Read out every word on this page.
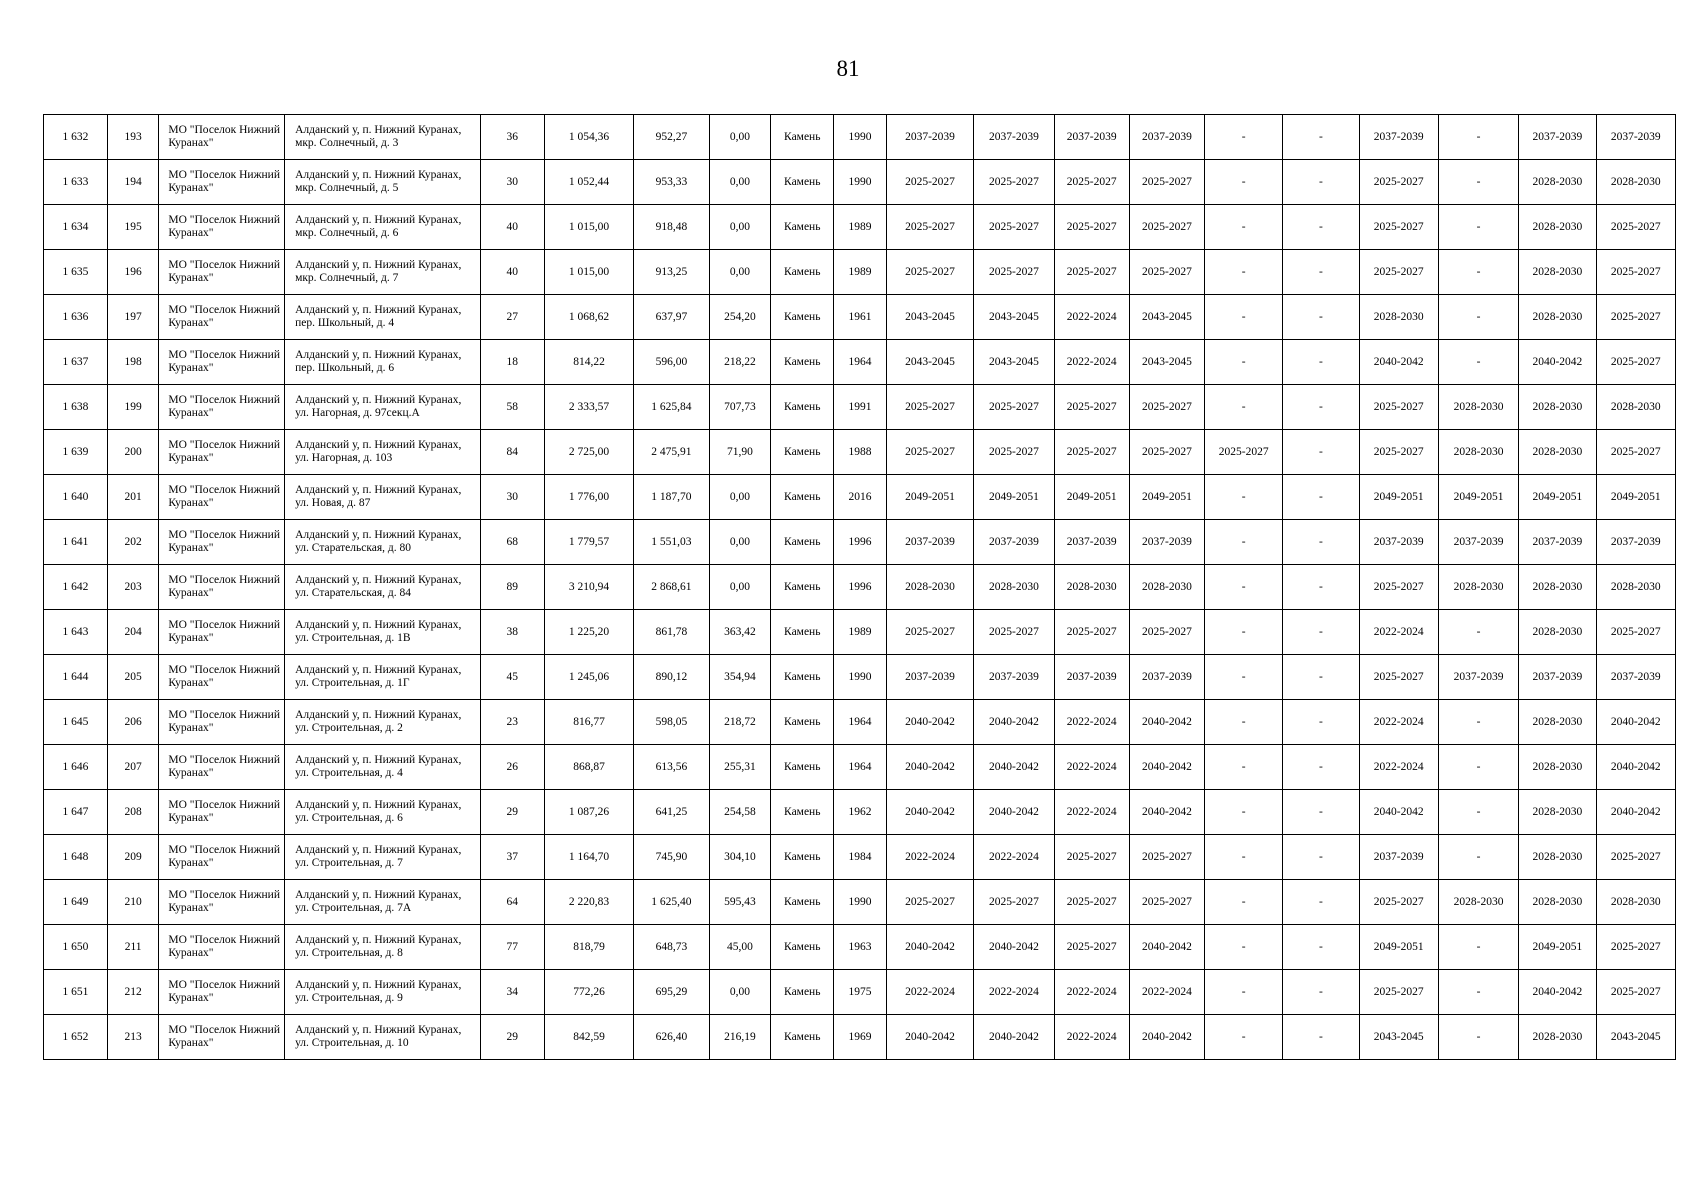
81
1 632	193	МО "Поселок Нижний Куранах"	Алданский у, п. Нижний Куранах, мкр. Солнечный, д. 3	36	1 054,36	952,27	0,00	Камень	1990	2037-2039	2037-2039	2037-2039	2037-2039	-	-	2037-2039	-	2037-2039	2037-2039
1 633	194	МО "Поселок Нижний Куранах"	Алданский у, п. Нижний Куранах, мкр. Солнечный, д. 5	30	1 052,44	953,33	0,00	Камень	1990	2025-2027	2025-2027	2025-2027	2025-2027	-	-	2025-2027	-	2028-2030	2028-2030
1 634	195	МО "Поселок Нижний Куранах"	Алданский у, п. Нижний Куранах, мкр. Солнечный, д. 6	40	1 015,00	918,48	0,00	Камень	1989	2025-2027	2025-2027	2025-2027	2025-2027	-	-	2025-2027	-	2028-2030	2025-2027
1 635	196	МО "Поселок Нижний Куранах"	Алданский у, п. Нижний Куранах, мкр. Солнечный, д. 7	40	1 015,00	913,25	0,00	Камень	1989	2025-2027	2025-2027	2025-2027	2025-2027	-	-	2025-2027	-	2028-2030	2025-2027
1 636	197	МО "Поселок Нижний Куранах"	Алданский у, п. Нижний Куранах, пер. Школьный, д. 4	27	1 068,62	637,97	254,20	Камень	1961	2043-2045	2043-2045	2022-2024	2043-2045	-	-	2028-2030	-	2028-2030	2025-2027
1 637	198	МО "Поселок Нижний Куранах"	Алданский у, п. Нижний Куранах, пер. Школьный, д. 6	18	814,22	596,00	218,22	Камень	1964	2043-2045	2043-2045	2022-2024	2043-2045	-	-	2040-2042	-	2040-2042	2025-2027
1 638	199	МО "Поселок Нижний Куранах"	Алданский у, п. Нижний Куранах, ул. Нагорная, д. 97секц.А	58	2 333,57	1 625,84	707,73	Камень	1991	2025-2027	2025-2027	2025-2027	2025-2027	-	-	2025-2027	2028-2030	2028-2030	2028-2030
1 639	200	МО "Поселок Нижний Куранах"	Алданский у, п. Нижний Куранах, ул. Нагорная, д. 103	84	2 725,00	2 475,91	71,90	Камень	1988	2025-2027	2025-2027	2025-2027	2025-2027	2025-2027	-	2025-2027	2028-2030	2028-2030	2025-2027
1 640	201	МО "Поселок Нижний Куранах"	Алданский у, п. Нижний Куранах, ул. Новая, д. 87	30	1 776,00	1 187,70	0,00	Камень	2016	2049-2051	2049-2051	2049-2051	2049-2051	-	-	2049-2051	2049-2051	2049-2051	2049-2051
1 641	202	МО "Поселок Нижний Куранах"	Алданский у, п. Нижний Куранах, ул. Старательская, д. 80	68	1 779,57	1 551,03	0,00	Камень	1996	2037-2039	2037-2039	2037-2039	2037-2039	-	-	2037-2039	2037-2039	2037-2039	2037-2039
1 642	203	МО "Поселок Нижний Куранах"	Алданский у, п. Нижний Куранах, ул. Старательская, д. 84	89	3 210,94	2 868,61	0,00	Камень	1996	2028-2030	2028-2030	2028-2030	2028-2030	-	-	2025-2027	2028-2030	2028-2030	2028-2030
1 643	204	МО "Поселок Нижний Куранах"	Алданский у, п. Нижний Куранах, ул. Строительная, д. 1В	38	1 225,20	861,78	363,42	Камень	1989	2025-2027	2025-2027	2025-2027	2025-2027	-	-	2022-2024	-	2028-2030	2025-2027
1 644	205	МО "Поселок Нижний Куранах"	Алданский у, п. Нижний Куранах, ул. Строительная, д. 1Г	45	1 245,06	890,12	354,94	Камень	1990	2037-2039	2037-2039	2037-2039	2037-2039	-	-	2025-2027	2037-2039	2037-2039	2037-2039
1 645	206	МО "Поселок Нижний Куранах"	Алданский у, п. Нижний Куранах, ул. Строительная, д. 2	23	816,77	598,05	218,72	Камень	1964	2040-2042	2040-2042	2022-2024	2040-2042	-	-	2022-2024	-	2028-2030	2040-2042
1 646	207	МО "Поселок Нижний Куранах"	Алданский у, п. Нижний Куранах, ул. Строительная, д. 4	26	868,87	613,56	255,31	Камень	1964	2040-2042	2040-2042	2022-2024	2040-2042	-	-	2022-2024	-	2028-2030	2040-2042
1 647	208	МО "Поселок Нижний Куранах"	Алданский у, п. Нижний Куранах, ул. Строительная, д. 6	29	1 087,26	641,25	254,58	Камень	1962	2040-2042	2040-2042	2022-2024	2040-2042	-	-	2040-2042	-	2028-2030	2040-2042
1 648	209	МО "Поселок Нижний Куранах"	Алданский у, п. Нижний Куранах, ул. Строительная, д. 7	37	1 164,70	745,90	304,10	Камень	1984	2022-2024	2022-2024	2025-2027	2025-2027	-	-	2037-2039	-	2028-2030	2025-2027
1 649	210	МО "Поселок Нижний Куранах"	Алданский у, п. Нижний Куранах, ул. Строительная, д. 7А	64	2 220,83	1 625,40	595,43	Камень	1990	2025-2027	2025-2027	2025-2027	2025-2027	-	-	2025-2027	2028-2030	2028-2030	2028-2030
1 650	211	МО "Поселок Нижний Куранах"	Алданский у, п. Нижний Куранах, ул. Строительная, д. 8	77	818,79	648,73	45,00	Камень	1963	2040-2042	2040-2042	2025-2027	2040-2042	-	-	2049-2051	-	2049-2051	2025-2027
1 651	212	МО "Поселок Нижний Куранах"	Алданский у, п. Нижний Куранах, ул. Строительная, д. 9	34	772,26	695,29	0,00	Камень	1975	2022-2024	2022-2024	2022-2024	2022-2024	-	-	2025-2027	-	2040-2042	2025-2027
1 652	213	МО "Поселок Нижний Куранах"	Алданский у, п. Нижний Куранах, ул. Строительная, д. 10	29	842,59	626,40	216,19	Камень	1969	2040-2042	2040-2042	2022-2024	2040-2042	-	-	2043-2045	-	2028-2030	2043-2045
